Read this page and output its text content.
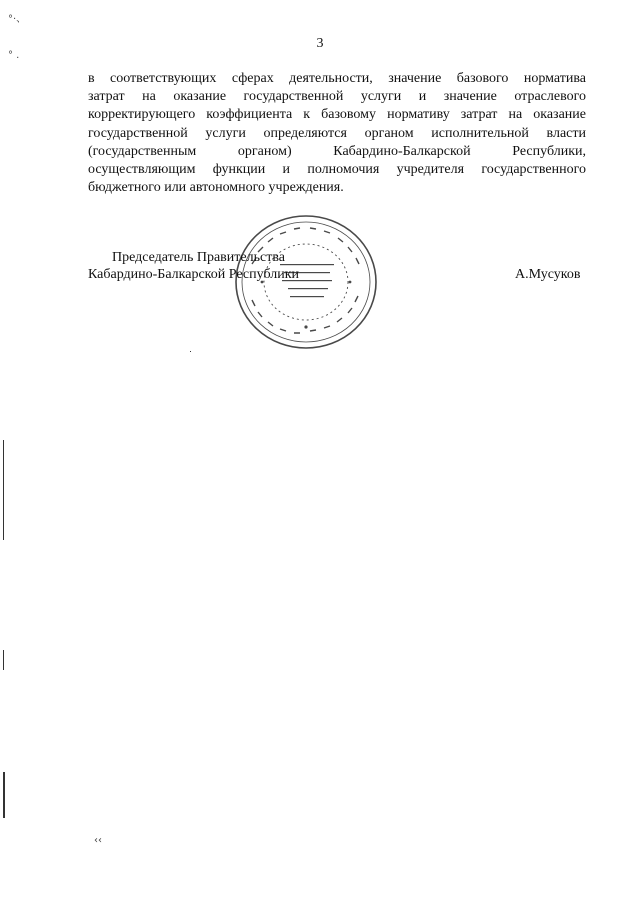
3
в соответствующих сферах деятельности, значение базового норматива
затрат на оказание государственной услуги и значение отраслевого
корректирующего коэффициента к базовому нормативу затрат на оказание
государственной услуги определяются органом исполнительной власти
(государственным органом) Кабардино-Балкарской Республики,
осуществляющим функции и полномочия учредителя государственного
бюджетного или автономного учреждения.
Председатель Правительства
Кабардино-Балкарской Республики	А.Мусуков
°·、
° .
‹‹
